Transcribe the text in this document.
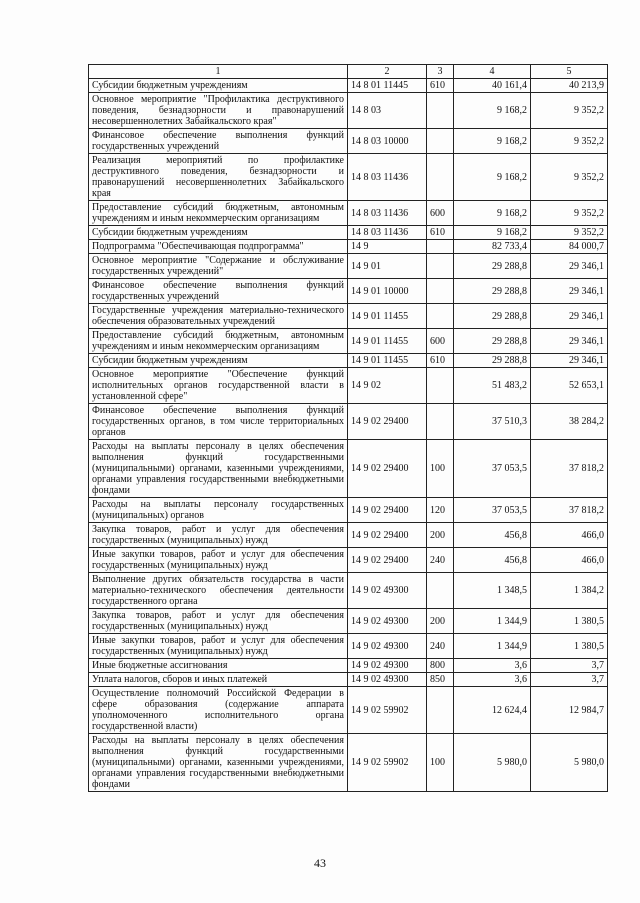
1	2	3	4	5
Субсидии бюджетным учреждениям	14 8 01 11445	610	40 161,4	40 213,9
Основное мероприятие "Профилактика деструктивного поведения, безнадзорности и правонарушений несовершеннолетних Забайкальского края"	14 8 03		9 168,2	9 352,2
Финансовое обеспечение выполнения функций государственных учреждений	14 8 03 10000		9 168,2	9 352,2
Реализация мероприятий по профилактике деструктивного поведения, безнадзорности и правонарушений несовершеннолетних Забайкальского края	14 8 03 11436		9 168,2	9 352,2
Предоставление субсидий бюджетным, автономным учреждениям и иным некоммерческим организациям	14 8 03 11436	600	9 168,2	9 352,2
Субсидии бюджетным учреждениям	14 8 03 11436	610	9 168,2	9 352,2
Подпрограмма "Обеспечивающая подпрограмма"	14 9		82 733,4	84 000,7
Основное мероприятие "Содержание и обслуживание государственных учреждений"	14 9 01		29 288,8	29 346,1
Финансовое обеспечение выполнения функций государственных учреждений	14 9 01 10000		29 288,8	29 346,1
Государственные учреждения материально-технического обеспечения образовательных учреждений	14 9 01 11455		29 288,8	29 346,1
Предоставление субсидий бюджетным, автономным учреждениям и иным некоммерческим организациям	14 9 01 11455	600	29 288,8	29 346,1
Субсидии бюджетным учреждениям	14 9 01 11455	610	29 288,8	29 346,1
Основное мероприятие "Обеспечение функций исполнительных органов государственной власти в установленной сфере"	14 9 02		51 483,2	52 653,1
Финансовое обеспечение выполнения функций государственных органов, в том числе территориальных органов	14 9 02 29400		37 510,3	38 284,2
Расходы на выплаты персоналу в целях обеспечения выполнения функций государственными (муниципальными) органами, казенными учреждениями, органами управления государственными внебюджетными фондами	14 9 02 29400	100	37 053,5	37 818,2
Расходы на выплаты персоналу государственных (муниципальных) органов	14 9 02 29400	120	37 053,5	37 818,2
Закупка товаров, работ и услуг для обеспечения государственных (муниципальных) нужд	14 9 02 29400	200	456,8	466,0
Иные закупки товаров, работ и услуг для обеспечения государственных (муниципальных) нужд	14 9 02 29400	240	456,8	466,0
Выполнение других обязательств государства в части материально-технического обеспечения деятельности государственного органа	14 9 02 49300		1 348,5	1 384,2
Закупка товаров, работ и услуг для обеспечения государственных (муниципальных) нужд	14 9 02 49300	200	1 344,9	1 380,5
Иные закупки товаров, работ и услуг для обеспечения государственных (муниципальных) нужд	14 9 02 49300	240	1 344,9	1 380,5
Иные бюджетные ассигнования	14 9 02 49300	800	3,6	3,7
Уплата налогов, сборов и иных платежей	14 9 02 49300	850	3,6	3,7
Осуществление полномочий Российской Федерации в сфере образования (содержание аппарата уполномоченного исполнительного органа государственной власти)	14 9 02 59902		12 624,4	12 984,7
Расходы на выплаты персоналу в целях обеспечения выполнения функций государственными (муниципальными) органами, казенными учреждениями, органами управления государственными внебюджетными фондами	14 9 02 59902	100	5 980,0	5 980,0
43
